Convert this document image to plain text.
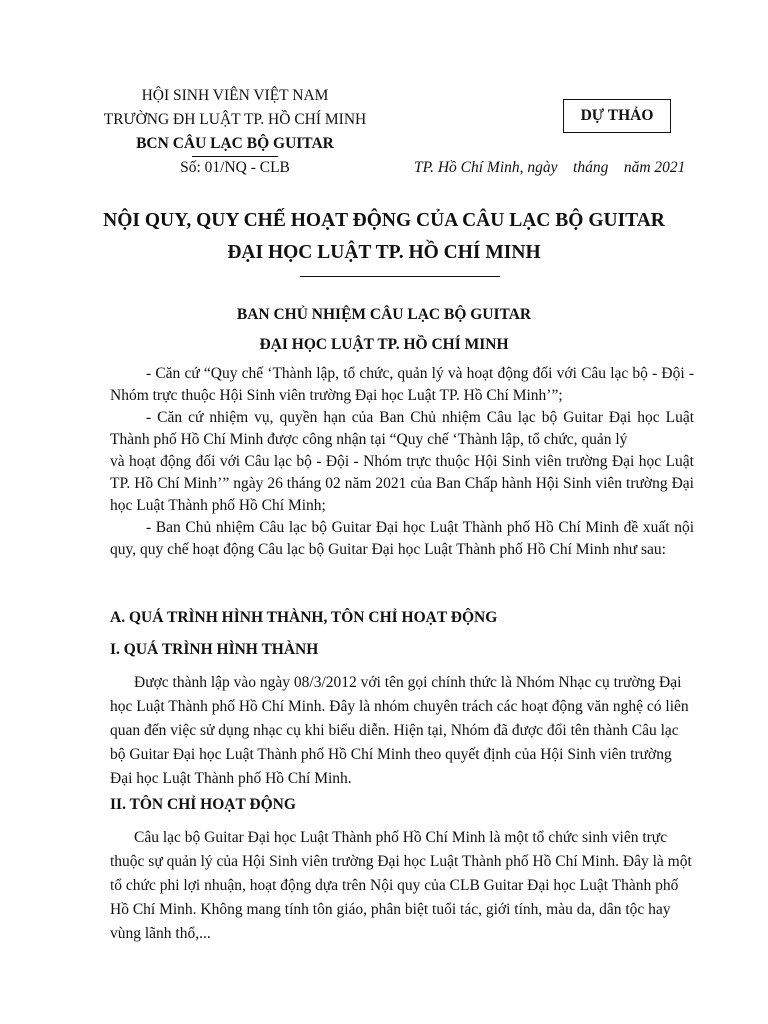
HỘI SINH VIÊN VIỆT NAM
TRƯỜNG ĐH LUẬT TP. HỒ CHÍ MINH
BCN CÂU LẠC BỘ GUITAR
Số: 01/NQ - CLB
DỰ THẢO
TP. Hồ Chí Minh, ngày    tháng    năm 2021
NỘI QUY, QUY CHẾ HOẠT ĐỘNG CỦA CÂU LẠC BỘ GUITAR
ĐẠI HỌC LUẬT TP. HỒ CHÍ MINH
BAN CHỦ NHIỆM CÂU LẠC BỘ GUITAR
ĐẠI HỌC LUẬT TP. HỒ CHÍ MINH

- Căn cứ “Quy chế ‘Thành lập, tổ chức, quản lý và hoạt động đối với Câu lạc bộ - Đội - Nhóm trực thuộc Hội Sinh viên trường Đại học Luật TP. Hồ Chí Minh’”;

- Căn cứ nhiệm vụ, quyền hạn của Ban Chủ nhiệm Câu lạc bộ Guitar Đại học Luật Thành phố Hồ Chí Minh được công nhận tại “Quy chế ‘Thành lập, tổ chức, quản lý

và hoạt động đối với Câu lạc bộ - Đội - Nhóm trực thuộc Hội Sinh viên trường Đại học Luật TP. Hồ Chí Minh’” ngày 26 tháng 02 năm 2021 của Ban Chấp hành Hội Sinh viên trường Đại học Luật Thành phố Hồ Chí Minh;

- Ban Chủ nhiệm Câu lạc bộ Guitar Đại học Luật Thành phố Hồ Chí Minh đề xuất nội quy, quy chế hoạt động Câu lạc bộ Guitar Đại học Luật Thành phố Hồ Chí Minh như sau:

A. QUÁ TRÌNH HÌNH THÀNH, TÔN CHỈ HOẠT ĐỘNG
I. QUÁ TRÌNH HÌNH THÀNH

Được thành lập vào ngày 08/3/2012 với tên gọi chính thức là Nhóm Nhạc cụ trường Đại học Luật Thành phố Hồ Chí Minh. Đây là nhóm chuyên trách các hoạt động văn nghệ có liên quan đến việc sử dụng nhạc cụ khi biểu diễn. Hiện tại, Nhóm đã được đổi tên thành Câu lạc bộ Guitar Đại học Luật Thành phố Hồ Chí Minh theo quyết định của Hội Sinh viên trường Đại học Luật Thành phố Hồ Chí Minh.

II. TÔN CHỈ HOẠT ĐỘNG

Câu lạc bộ Guitar Đại học Luật Thành phố Hồ Chí Minh là một tổ chức sinh viên trực thuộc sự quản lý của Hội Sinh viên trường Đại học Luật Thành phố Hồ Chí Minh. Đây là một tổ chức phi lợi nhuận, hoạt động dựa trên Nội quy của CLB Guitar Đại học Luật Thành phố Hồ Chí Minh. Không mang tính tôn giáo, phân biệt tuổi tác, giới tính, màu da, dân tộc hay vùng lãnh thổ,...
